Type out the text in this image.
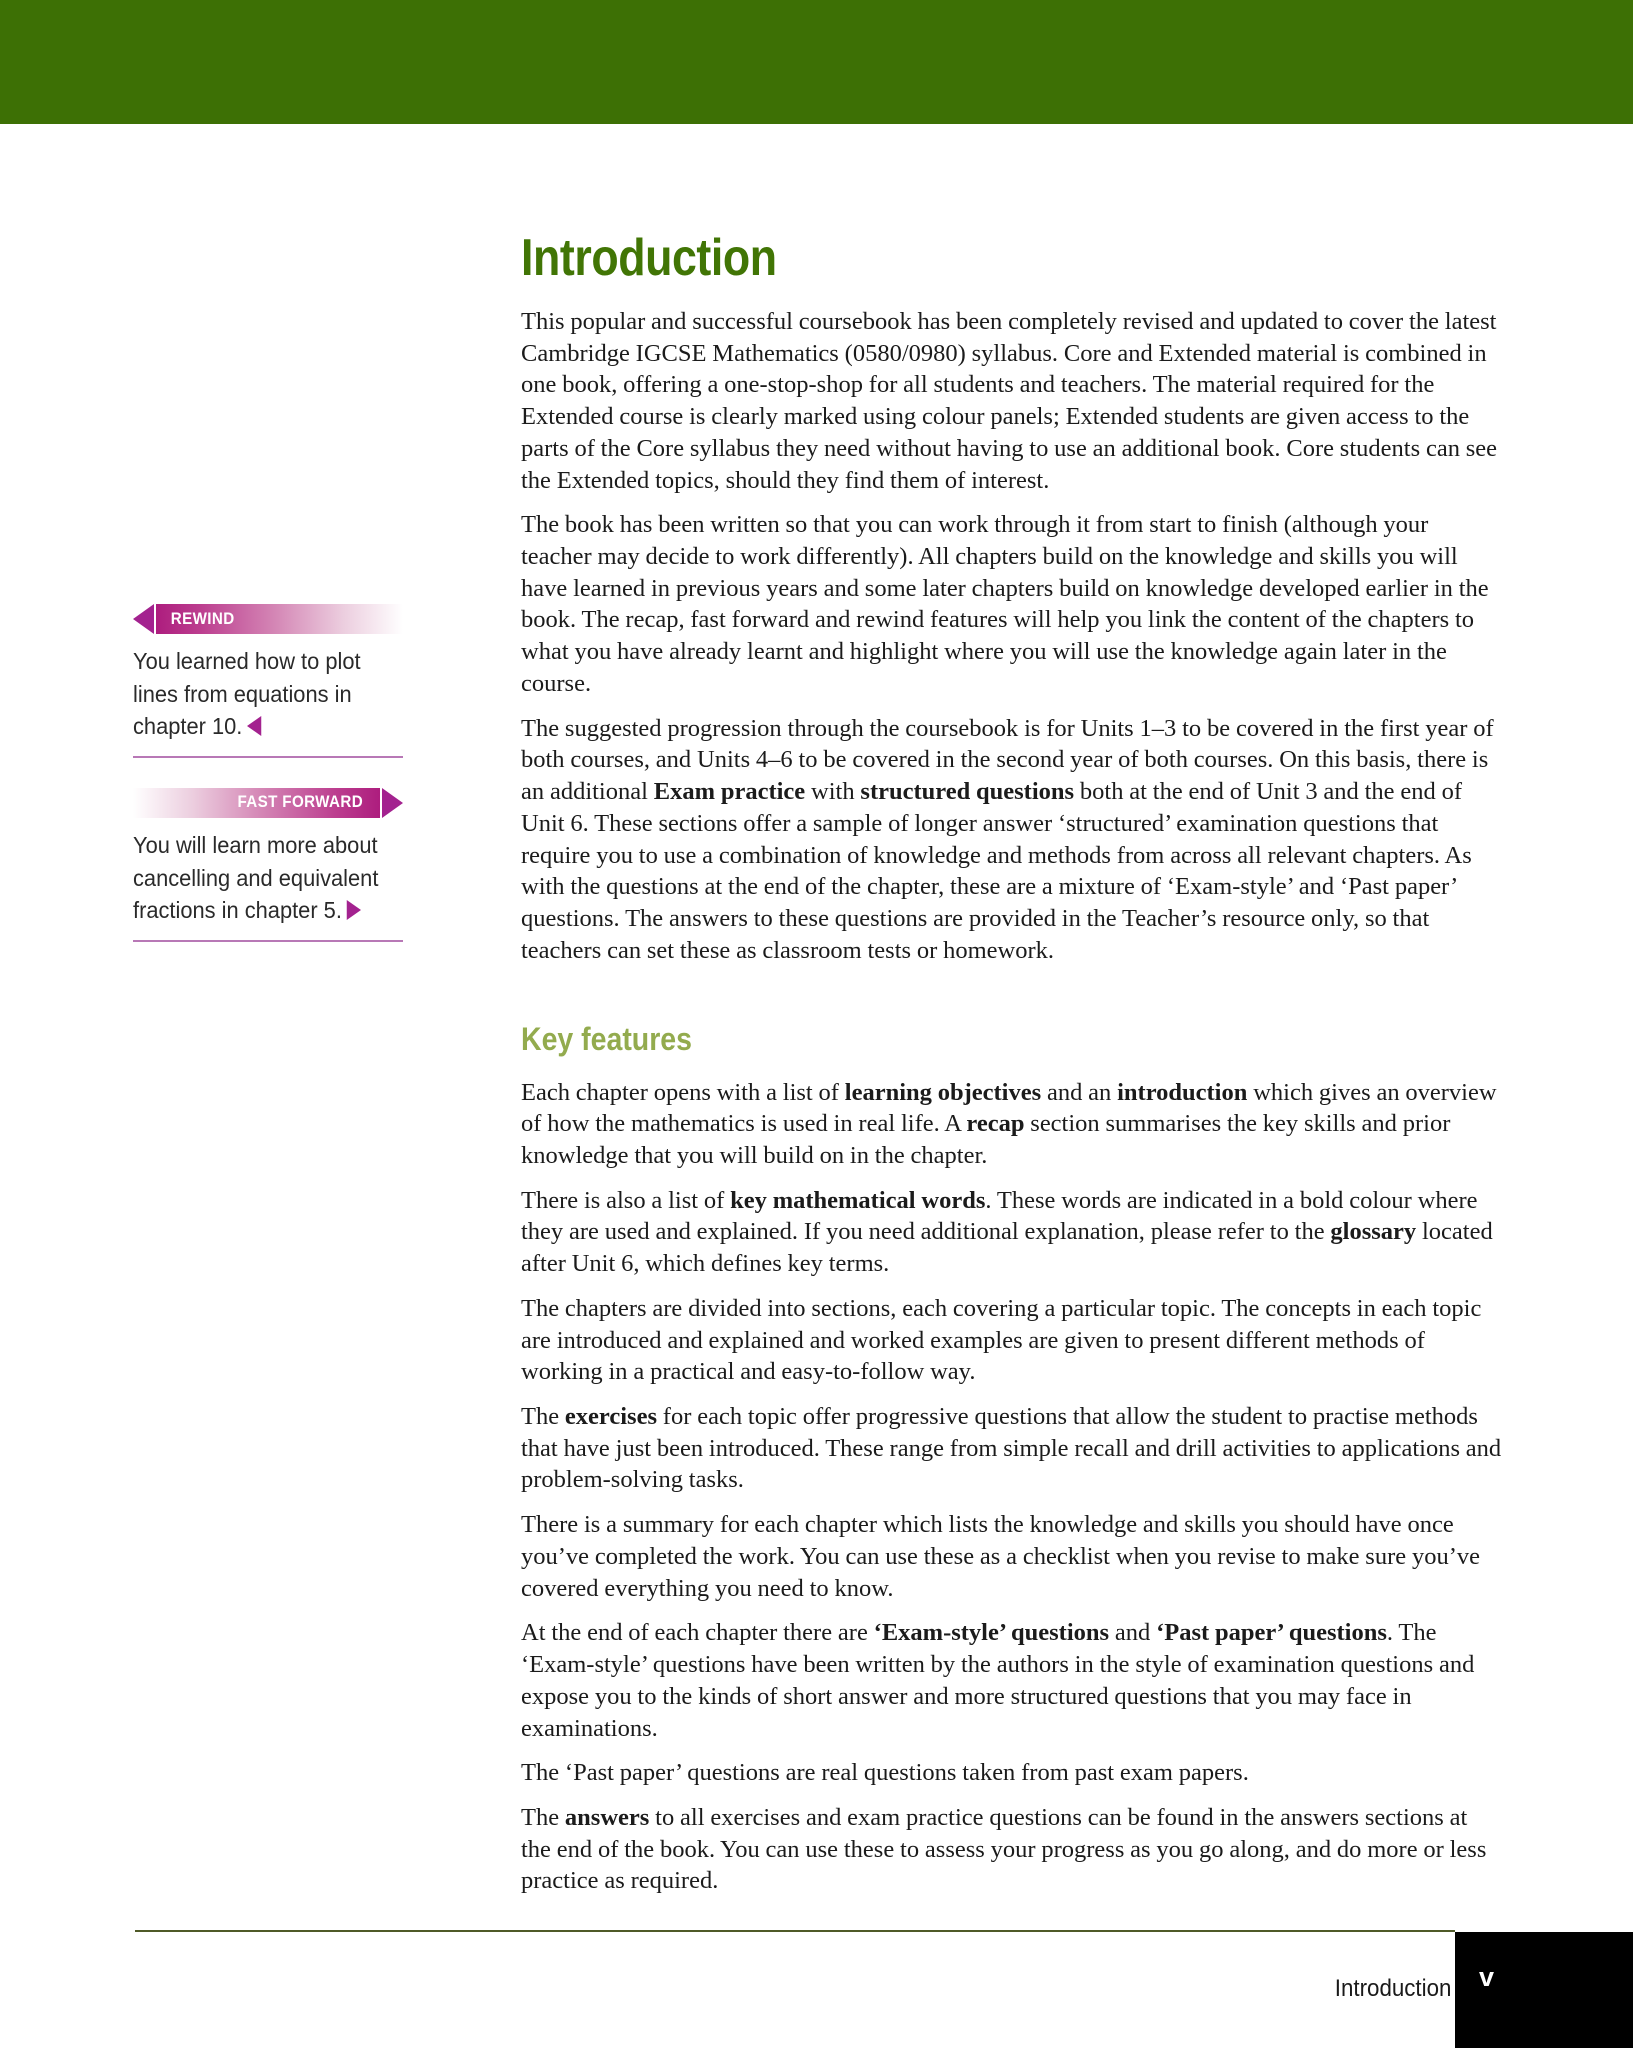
REWIND
You learned how to plot lines from equations in chapter 10.
FAST FORWARD
You will learn more about cancelling and equivalent fractions in chapter 5.
Introduction

This popular and successful coursebook has been completely revised and updated to cover the latest Cambridge IGCSE Mathematics (0580/0980) syllabus. Core and Extended material is combined in one book, offering a one-stop-shop for all students and teachers. The material required for the Extended course is clearly marked using colour panels; Extended students are given access to the parts of the Core syllabus they need without having to use an additional book. Core students can see the Extended topics, should they find them of interest.

The book has been written so that you can work through it from start to finish (although your teacher may decide to work differently). All chapters build on the knowledge and skills you will have learned in previous years and some later chapters build on knowledge developed earlier in the book. The recap, fast forward and rewind features will help you link the content of the chapters to what you have already learnt and highlight where you will use the knowledge again later in the course.

The suggested progression through the coursebook is for Units 1–3 to be covered in the first year of both courses, and Units 4–6 to be covered in the second year of both courses. On this basis, there is an additional Exam practice with structured questions both at the end of Unit 3 and the end of Unit 6. These sections offer a sample of longer answer ‘structured’ examination questions that require you to use a combination of knowledge and methods from across all relevant chapters. As with the questions at the end of the chapter, these are a mixture of ‘Exam-style’ and ‘Past paper’ questions. The answers to these questions are provided in the Teacher’s resource only, so that teachers can set these as classroom tests or homework.

Key features

Each chapter opens with a list of learning objectives and an introduction which gives an overview of how the mathematics is used in real life. A recap section summarises the key skills and prior knowledge that you will build on in the chapter.

There is also a list of key mathematical words. These words are indicated in a bold colour where they are used and explained. If you need additional explanation, please refer to the glossary located after Unit 6, which defines key terms.

The chapters are divided into sections, each covering a particular topic. The concepts in each topic are introduced and explained and worked examples are given to present different methods of working in a practical and easy-to-follow way.

The exercises for each topic offer progressive questions that allow the student to practise methods that have just been introduced. These range from simple recall and drill activities to applications and problem-solving tasks.

There is a summary for each chapter which lists the knowledge and skills you should have once you’ve completed the work. You can use these as a checklist when you revise to make sure you’ve covered everything you need to know.

At the end of each chapter there are ‘Exam-style’ questions and ‘Past paper’ questions. The ‘Exam-style’ questions have been written by the authors in the style of examination questions and expose you to the kinds of short answer and more structured questions that you may face in examinations.

The ‘Past paper’ questions are real questions taken from past exam papers.

The answers to all exercises and exam practice questions can be found in the answers sections at the end of the book. You can use these to assess your progress as you go along, and do more or less practice as required.

Introduction v
